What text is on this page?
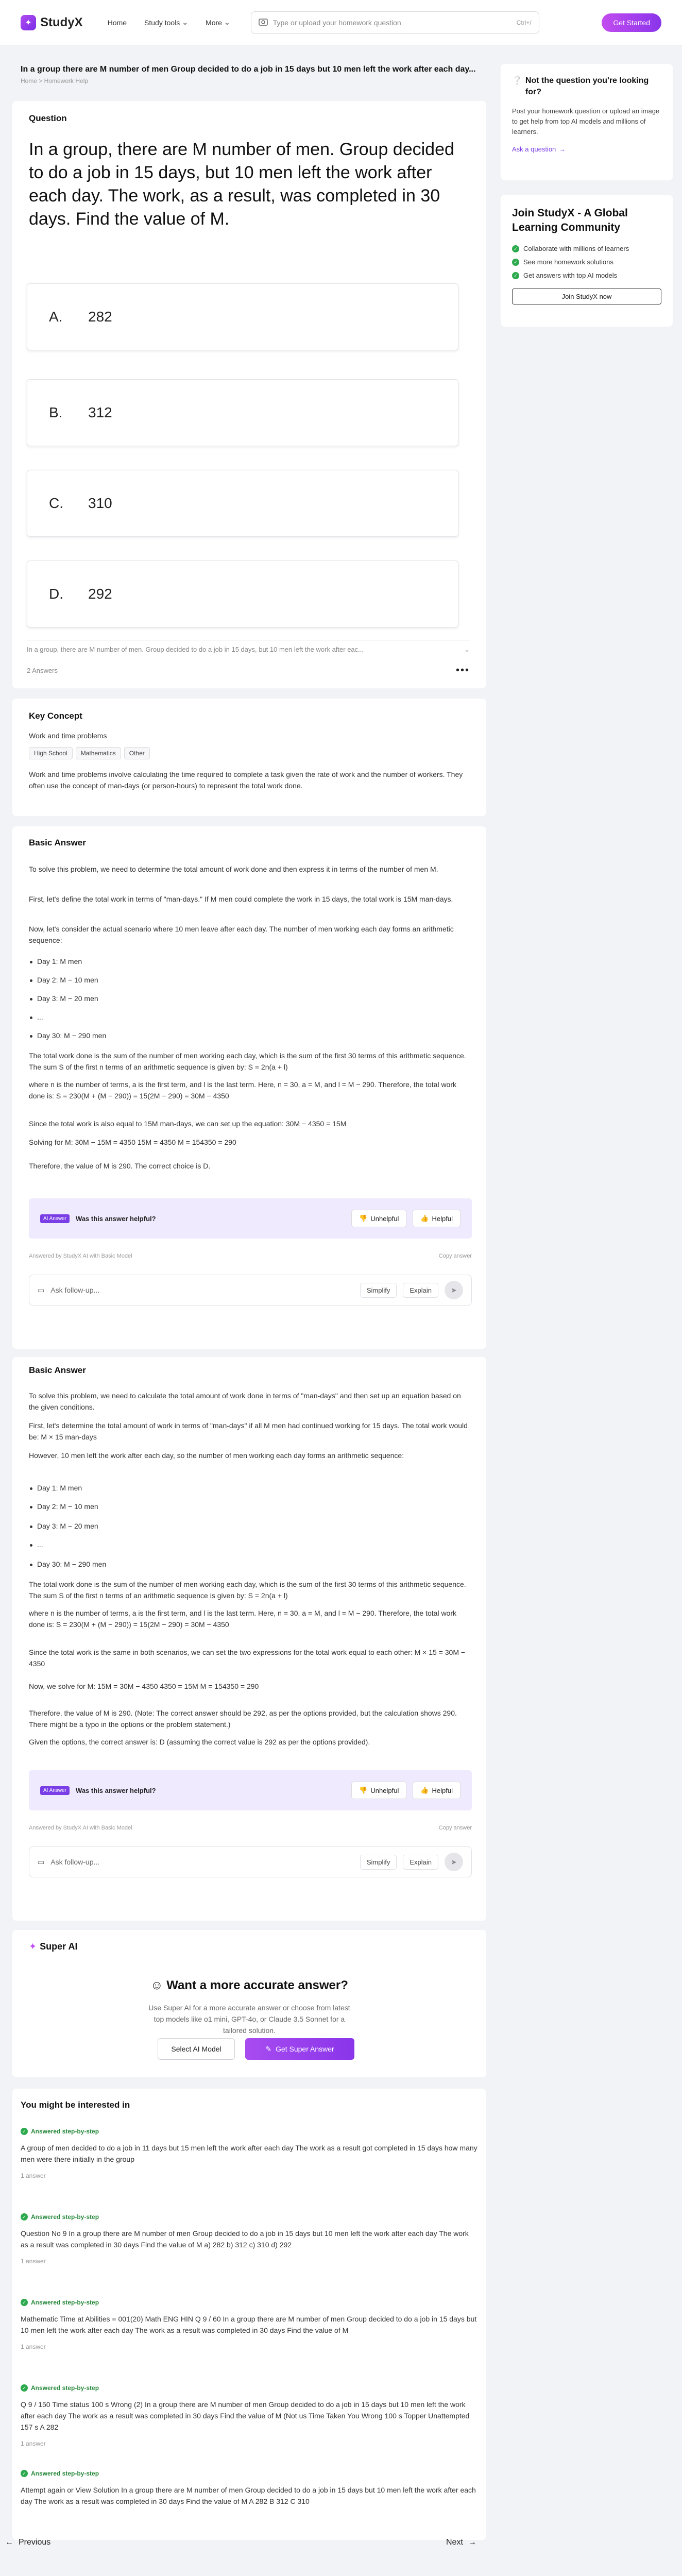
✦ StudyX	Home Study tools ⌄ More ⌄	Type or upload your homework question	Ctrl+/	Get Started
In a group there are M number of men Group decided to do a job in 15 days but 10 men left the work after each day...
Home > Homework Help
Question
In a group, there are M number of men. Group decided to do a job in 15 days, but 10 men left the work after each day. The work, as a result, was completed in 30 days. Find the value of M.
A.	282
B.	312
C.	310
D.	292
In a group, there are M number of men. Group decided to do a job in 15 days, but 10 men left the work after eac...	⌄
2 Answers	•••
❔ Not the question you're looking for?
Post your homework question or upload an image to get help from top AI models and millions of learners.
Ask a question →
Join StudyX - A Global Learning Community
✓ Collaborate with millions of learners
✓ See more homework solutions
✓ Get answers with top AI models
Join StudyX now
Key Concept
Work and time problems
High School Mathematics Other
Work and time problems involve calculating the time required to complete a task given the rate of work and the number of workers. They often use the concept of man-days (or person-hours) to represent the total work done.
Basic Answer
To solve this problem, we need to determine the total amount of work done and then express it in terms of the number of men M.
First, let's define the total work in terms of "man-days." If M men could complete the work in 15 days, the total work is 15M man-days.
Now, let's consider the actual scenario where 10 men leave after each day. The number of men working each day forms an arithmetic sequence:
Day 1: M men
Day 2: M − 10 men
Day 3: M − 20 men
...
Day 30: M − 290 men
The total work done is the sum of the number of men working each day, which is the sum of the first 30 terms of this arithmetic sequence. The sum S of the first n terms of an arithmetic sequence is given by: S = 2n(a + l)
where n is the number of terms, a is the first term, and l is the last term. Here, n = 30, a = M, and l = M − 290. Therefore, the total work done is: S = 230(M + (M − 290)) = 15(2M − 290) = 30M − 4350
Since the total work is also equal to 15M man-days, we can set up the equation: 30M − 4350 = 15M
Solving for M: 30M − 15M = 4350 15M = 4350 M = 154350 = 290
Therefore, the value of M is 290. The correct choice is D.
AI Answer	Was this answer helpful?	👎 Unhelpful	👍 Helpful
Answered by StudyX AI with Basic Model	Copy answer
▭ Ask follow-up...	Simplify	Explain	➤
Basic Answer
To solve this problem, we need to calculate the total amount of work done in terms of "man-days" and then set up an equation based on the given conditions.
First, let's determine the total amount of work in terms of "man-days" if all M men had continued working for 15 days. The total work would be: M × 15 man-days
However, 10 men left the work after each day, so the number of men working each day forms an arithmetic sequence:
Day 1: M men
Day 2: M − 10 men
Day 3: M − 20 men
...
Day 30: M − 290 men
The total work done is the sum of the number of men working each day, which is the sum of the first 30 terms of this arithmetic sequence. The sum S of the first n terms of an arithmetic sequence is given by: S = 2n(a + l)
where n is the number of terms, a is the first term, and l is the last term. Here, n = 30, a = M, and l = M − 290. Therefore, the total work done is: S = 230(M + (M − 290)) = 15(2M − 290) = 30M − 4350
Since the total work is the same in both scenarios, we can set the two expressions for the total work equal to each other: M × 15 = 30M − 4350
Now, we solve for M: 15M = 30M − 4350 4350 = 15M M = 154350 = 290
Therefore, the value of M is 290. (Note: The correct answer should be 292, as per the options provided, but the calculation shows 290. There might be a typo in the options or the problem statement.)
Given the options, the correct answer is: D (assuming the correct value is 292 as per the options provided).
AI Answer	Was this answer helpful?	👎 Unhelpful	👍 Helpful
Answered by StudyX AI with Basic Model	Copy answer
▭ Ask follow-up...	Simplify	Explain	➤
✦ Super AI
☺ Want a more accurate answer?
Use Super AI for a more accurate answer or choose from latest top models like o1 mini, GPT-4o, or Claude 3.5 Sonnet for a tailored solution.
Select AI Model	✎ Get Super Answer
You might be interested in
✓ Answered step-by-step
A group of men decided to do a job in 11 days but 15 men left the work after each day The work as a result got completed in 15 days how many men were there initially in the group
1 answer
✓ Answered step-by-step
Question No 9 In a group there are M number of men Group decided to do a job in 15 days but 10 men left the work after each day The work as a result was completed in 30 days Find the value of M a) 282 b) 312 c) 310 d) 292
1 answer
✓ Answered step-by-step
Mathematic Time at Abilities = 001(20) Math ENG HIN Q 9 / 60 In a group there are M number of men Group decided to do a job in 15 days but 10 men left the work after each day The work as a result was completed in 30 days Find the value of M
1 answer
✓ Answered step-by-step
Q 9 / 150 Time status 100 s Wrong (2) In a group there are M number of men Group decided to do a job in 15 days but 10 men left the work after each day The work as a result was completed in 30 days Find the value of M (Not us Time Taken You Wrong 100 s Topper Unattempted 157 s A 282
1 answer
✓ Answered step-by-step
Attempt again or View Solution In a group there are M number of men Group decided to do a job in 15 days but 10 men left the work after each day The work as a result was completed in 30 days Find the value of M A 282 B 312 C 310
← Previous	Next →
